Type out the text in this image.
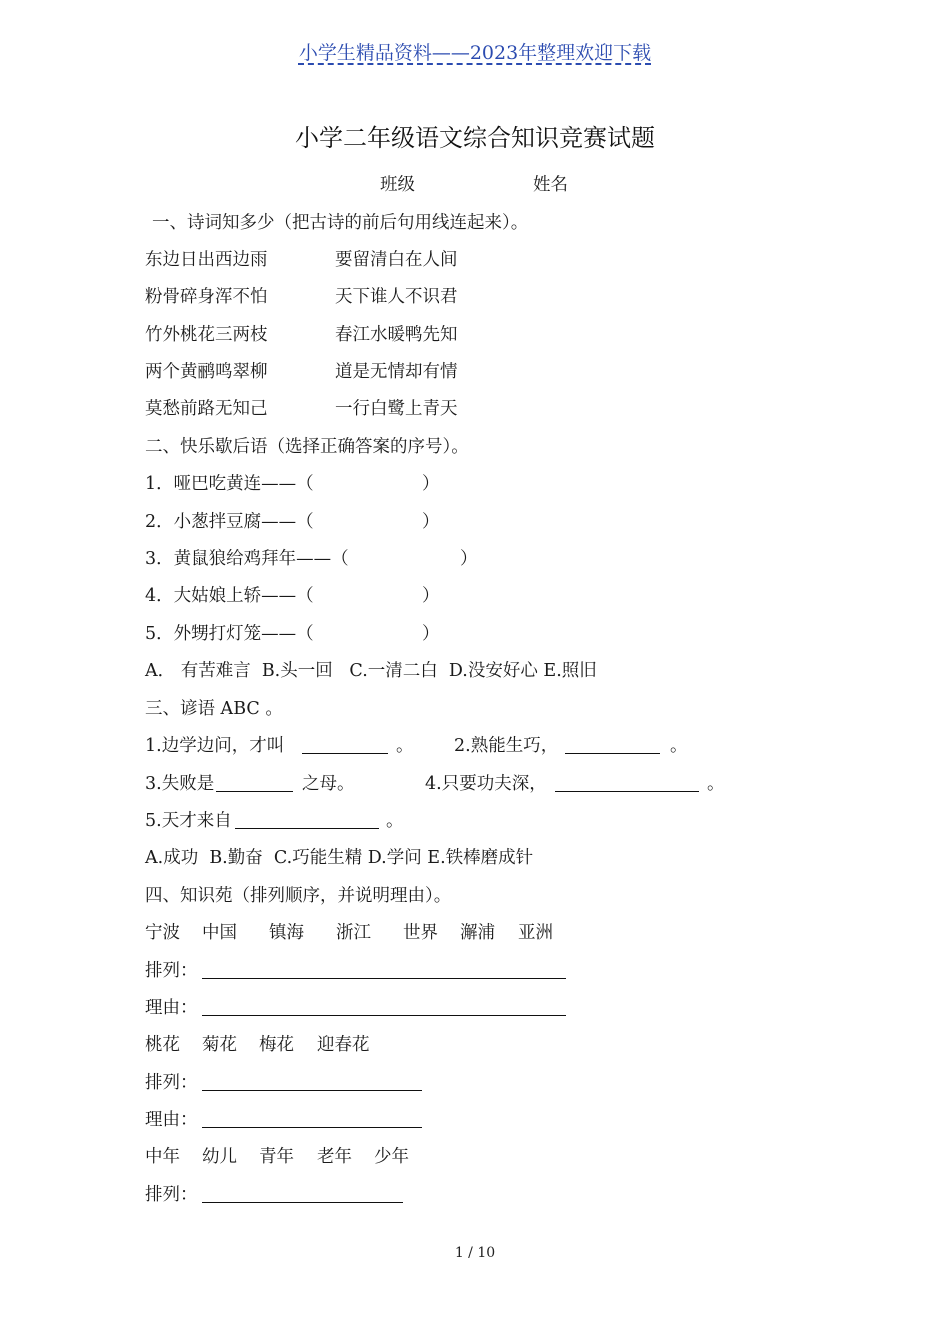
小学生精品资料——2023年整理欢迎下载
小学二年级语文综合知识竞赛试题
班级	姓名
一、诗词知多少（把古诗的前后句用线连起来）。
东边日出西边雨	要留清白在人间
粉骨碎身浑不怕	天下谁人不识君
竹外桃花三两枝	春江水暖鸭先知
两个黄鹂鸣翠柳	道是无情却有情
莫愁前路无知己	一行白鹭上青天
二、快乐歇后语（选择正确答案的序号）。
1．哑巴吃黄连——（	）
2．小葱拌豆腐——（	）
3．黄鼠狼给鸡拜年——（	）
4．大姑娘上轿——（	）
5．外甥打灯笼——（	）
A． 有苦难言  B.头一回   C.一清二白  D.没安好心 E.照旧
三、谚语 ABC 。
1.边学边问，才叫	。 2.熟能生巧，	。
3.失败是	之母。	4.只要功夫深，	。
5.天才来自	。
A.成功  B.勤奋  C.巧能生精 D.学问 E.铁棒磨成针
四、知识苑（排列顺序，并说明理由）。
宁波 中国 镇海 浙江 世界 澥浦 亚洲
排列：
理由：
桃花 菊花 梅花 迎春花
排列：
理由：
中年 幼儿 青年 老年 少年
排列：
1 / 10
